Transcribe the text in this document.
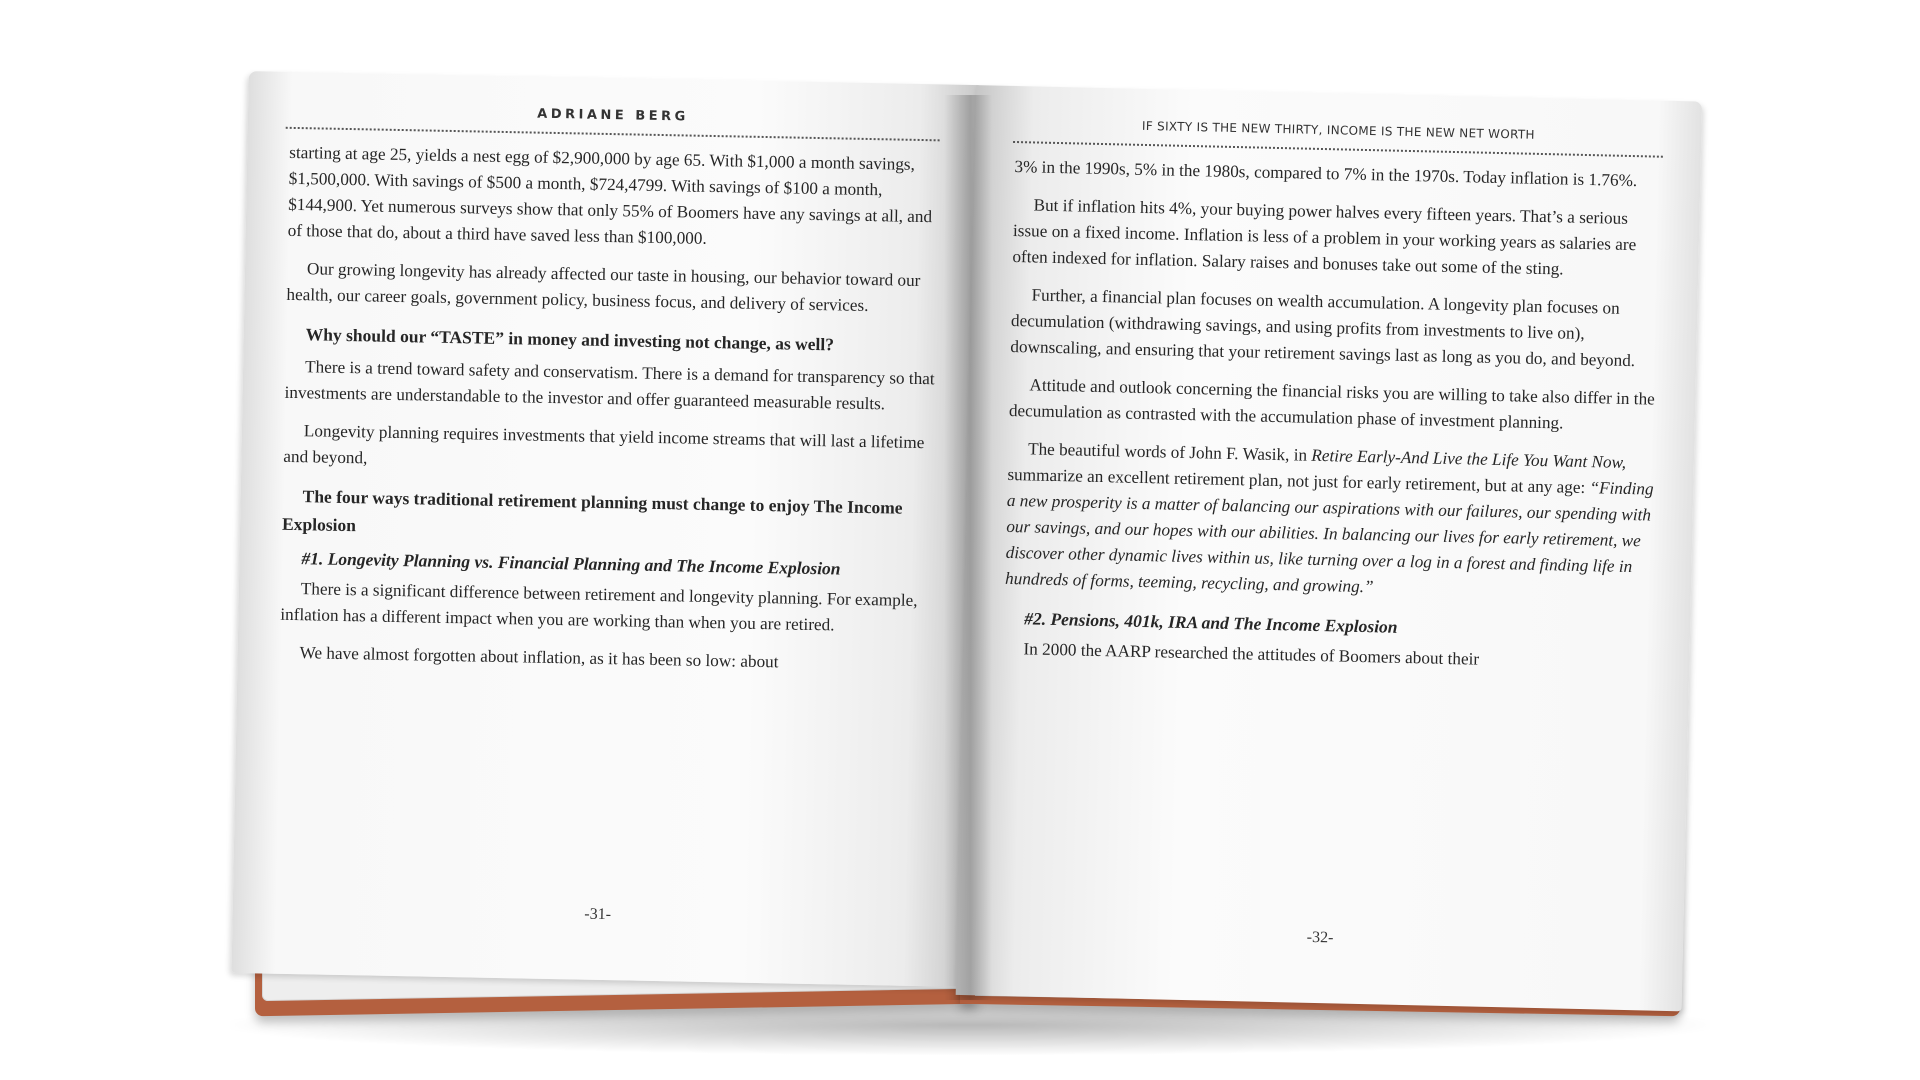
ADRIANE BERG

starting at age 25, yields a nest egg of $2,900,000 by age 65. With $1,000 a month savings, $1,500,000. With savings of $500 a month, $724,4799. With savings of $100 a month, $144,900. Yet numerous surveys show that only 55% of Boomers have any savings at all, and of those that do, about a third have saved less than $100,000.

Our growing longevity has already affected our taste in housing, our behavior toward our health, our career goals, government policy, business focus, and delivery of services.

Why should our “TASTE” in money and investing not change, as well?

There is a trend toward safety and conservatism. There is a demand for transparency so that investments are understandable to the investor and offer guaranteed measurable results.

Longevity planning requires investments that yield income streams that will last a lifetime and beyond,

The four ways traditional retirement planning must change to enjoy The Income Explosion
#1. Longevity Planning vs. Financial Planning and The Income Explosion

There is a significant difference between retirement and longevity planning. For example, inflation has a different impact when you are working than when you are retired.

We have almost forgotten about inflation, as it has been so low: about

-31-
IF SIXTY IS THE NEW THIRTY, INCOME IS THE NEW NET WORTH

3% in the 1990s, 5% in the 1980s, compared to 7% in the 1970s. Today inflation is 1.76%.

But if inflation hits 4%, your buying power halves every fifteen years. That’s a serious issue on a fixed income. Inflation is less of a problem in your working years as salaries are often indexed for inflation. Salary raises and bonuses take out some of the sting.

Further, a financial plan focuses on wealth accumulation. A longevity plan focuses on decumulation (withdrawing savings, and using profits from investments to live on), downscaling, and ensuring that your retirement savings last as long as you do, and beyond.

Attitude and outlook concerning the financial risks you are willing to take also differ in the decumulation as contrasted with the accumulation phase of investment planning.

The beautiful words of John F. Wasik, in Retire Early-And Live the Life You Want Now, summarize an excellent retirement plan, not just for early retirement, but at any age: “Finding a new prosperity is a matter of balancing our aspirations with our failures, our spending with our savings, and our hopes with our abilities. In balancing our lives for early retirement, we discover other dynamic lives within us, like turning over a log in a forest and finding life in hundreds of forms, teeming, recycling, and growing.”

#2. Pensions, 401k, IRA and The Income Explosion

In 2000 the AARP researched the attitudes of Boomers about their

-32-
